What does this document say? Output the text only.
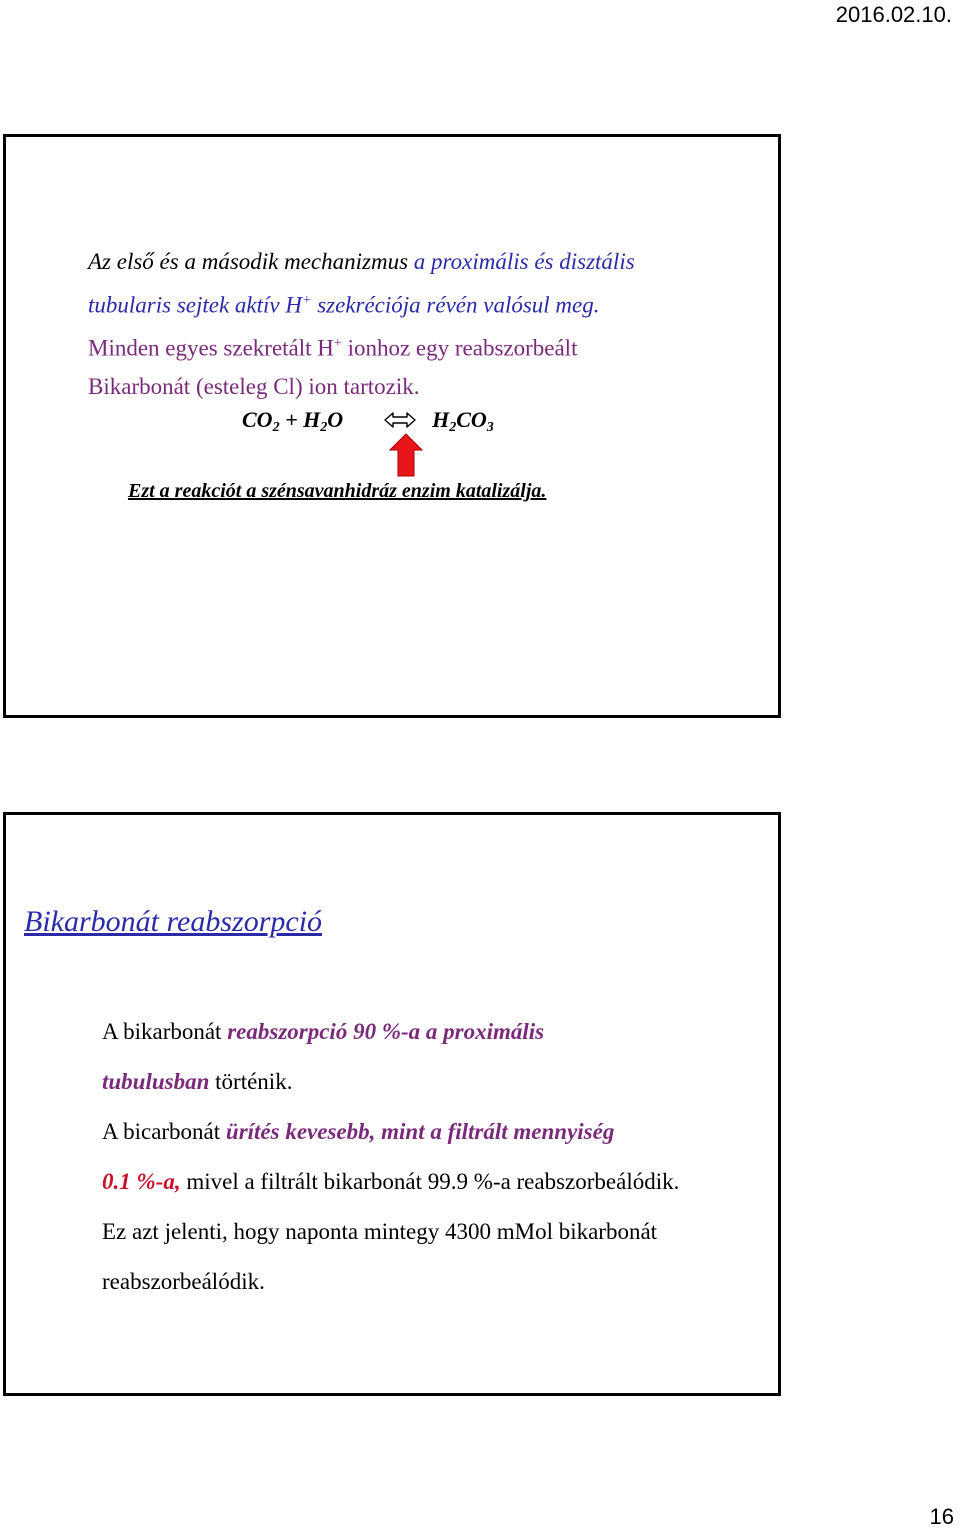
2016.02.10.
Az első és a második mechanizmus a proximális és disztális
tubularis sejtek aktív H+ szekréciója révén valósul meg.
Minden egyes szekretált H+ ionhoz egy reabszorbeált
Bikarbonát (esteleg Cl) ion tartozik.
$CO_2 + H_2O$	$H_2CO_3$
Ezt a reakciót a szénsavanhidráz enzim katalizálja.
Bikarbonát reabszorpció
A bikarbonát reabszorpció 90 %-a a proximális
tubulusban történik.
A bicarbonát ürítés kevesebb, mint a filtrált mennyiség
0.1 %-a, mivel a filtrált bikarbonát 99.9 %-a reabszorbeálódik.
Ez azt jelenti, hogy naponta mintegy 4300 mMol bikarbonát
reabszorbeálódik.
16
